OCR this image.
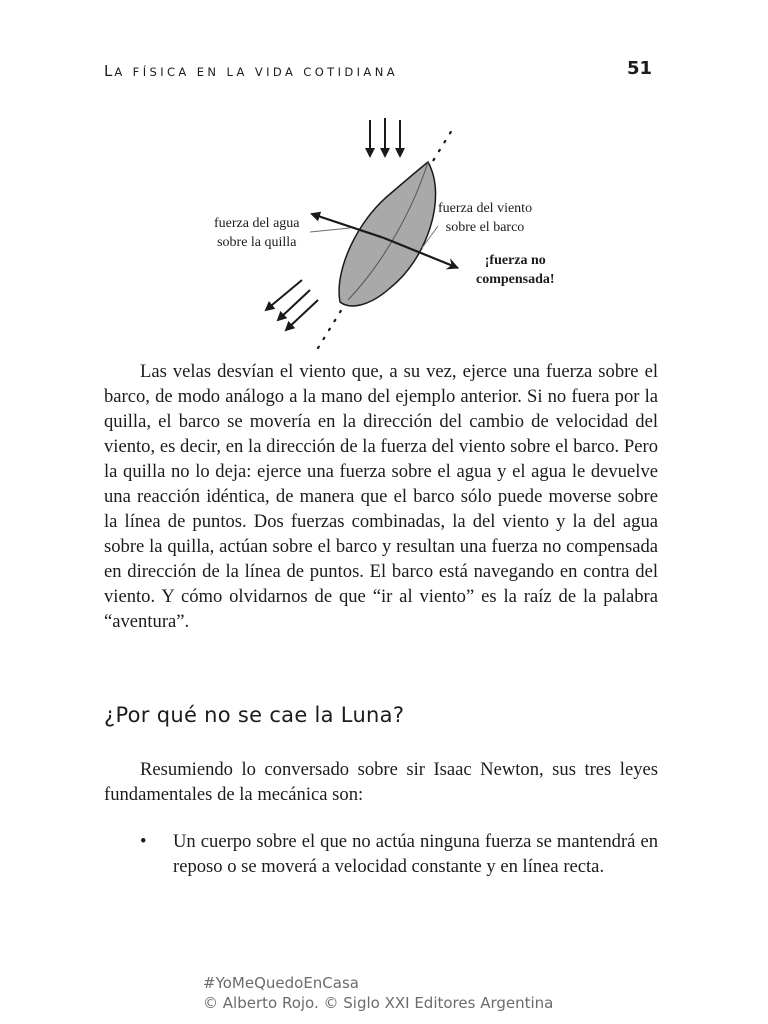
LA FÍSICA EN LA VIDA COTIDIANA	51
fuerza del agua
sobre la quilla
fuerza del viento
sobre el barco
¡fuerza no
compensada!

Las velas desvían el viento que, a su vez, ejerce una fuerza sobre el barco, de modo análogo a la mano del ejemplo anterior. Si no fuera por la quilla, el barco se movería en la dirección del cambio de velocidad del viento, es decir, en la dirección de la fuerza del viento sobre el barco. Pero la quilla no lo deja: ejerce una fuerza sobre el agua y el agua le devuelve una reacción idéntica, de manera que el barco sólo puede moverse sobre la línea de puntos. Dos fuerzas combinadas, la del viento y la del agua sobre la quilla, actúan sobre el barco y resultan una fuerza no compensada en dirección de la línea de puntos. El barco está navegando en contra del viento. Y cómo olvidarnos de que “ir al viento” es la raíz de la palabra “aventura”.

¿Por qué no se cae la Luna?

Resumiendo lo conversado sobre sir Isaac Newton, sus tres leyes fundamentales de la mecánica son:

• Un cuerpo sobre el que no actúa ninguna fuerza se mantendrá en reposo o se moverá a velocidad constante y en línea recta.
#YoMeQuedoEnCasa
© Alberto Rojo. © Siglo XXI Editores Argentina
